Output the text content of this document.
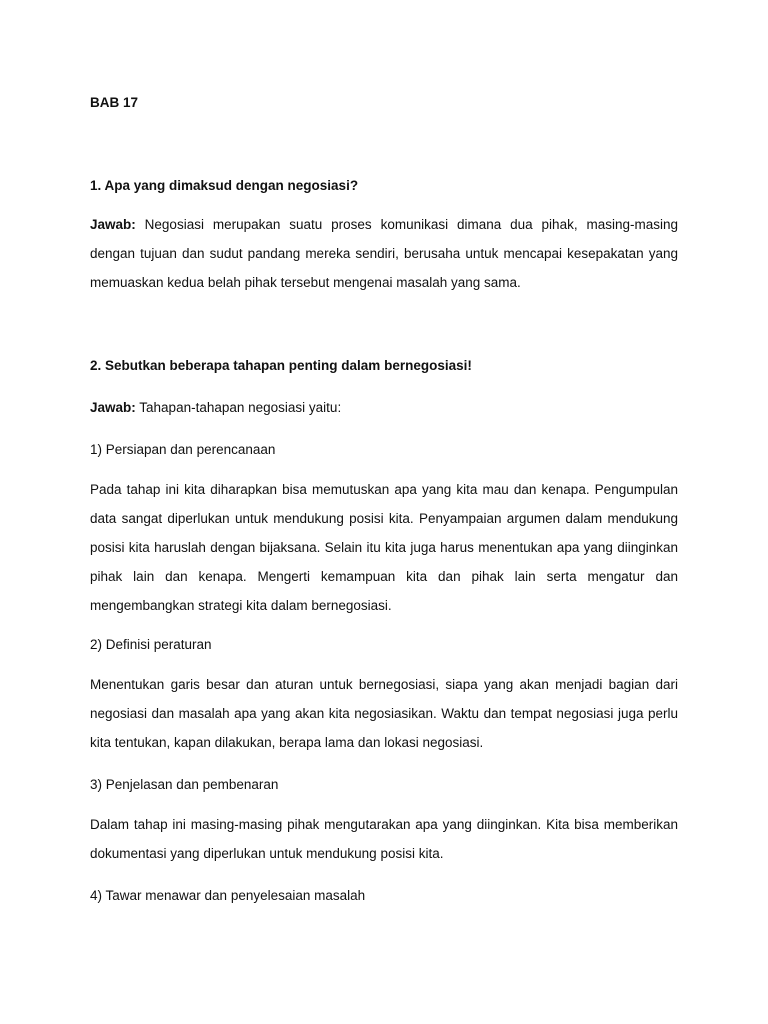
BAB 17

1. Apa yang dimaksud dengan negosiasi?

Jawab: Negosiasi merupakan suatu proses komunikasi dimana dua pihak, masing-masing dengan tujuan dan sudut pandang mereka sendiri, berusaha untuk mencapai kesepakatan yang memuaskan kedua belah pihak tersebut mengenai masalah yang sama.

2. Sebutkan beberapa tahapan penting dalam bernegosiasi!

Jawab: Tahapan-tahapan negosiasi yaitu:

1) Persiapan dan perencanaan

Pada tahap ini kita diharapkan bisa memutuskan apa yang kita mau dan kenapa. Pengumpulan data sangat diperlukan untuk mendukung posisi kita. Penyampaian argumen dalam mendukung posisi kita haruslah dengan bijaksana. Selain itu kita juga harus menentukan apa yang diinginkan pihak lain dan kenapa. Mengerti kemampuan kita dan pihak lain serta mengatur dan mengembangkan strategi kita dalam bernegosiasi.

2) Definisi peraturan

Menentukan garis besar dan aturan untuk bernegosiasi, siapa yang akan menjadi bagian dari negosiasi dan masalah apa yang akan kita negosiasikan. Waktu dan tempat negosiasi juga perlu kita tentukan, kapan dilakukan, berapa lama dan lokasi negosiasi.

3) Penjelasan dan pembenaran

Dalam tahap ini masing-masing pihak mengutarakan apa yang diinginkan. Kita bisa memberikan dokumentasi yang diperlukan untuk mendukung posisi kita.

4) Tawar menawar dan penyelesaian masalah
